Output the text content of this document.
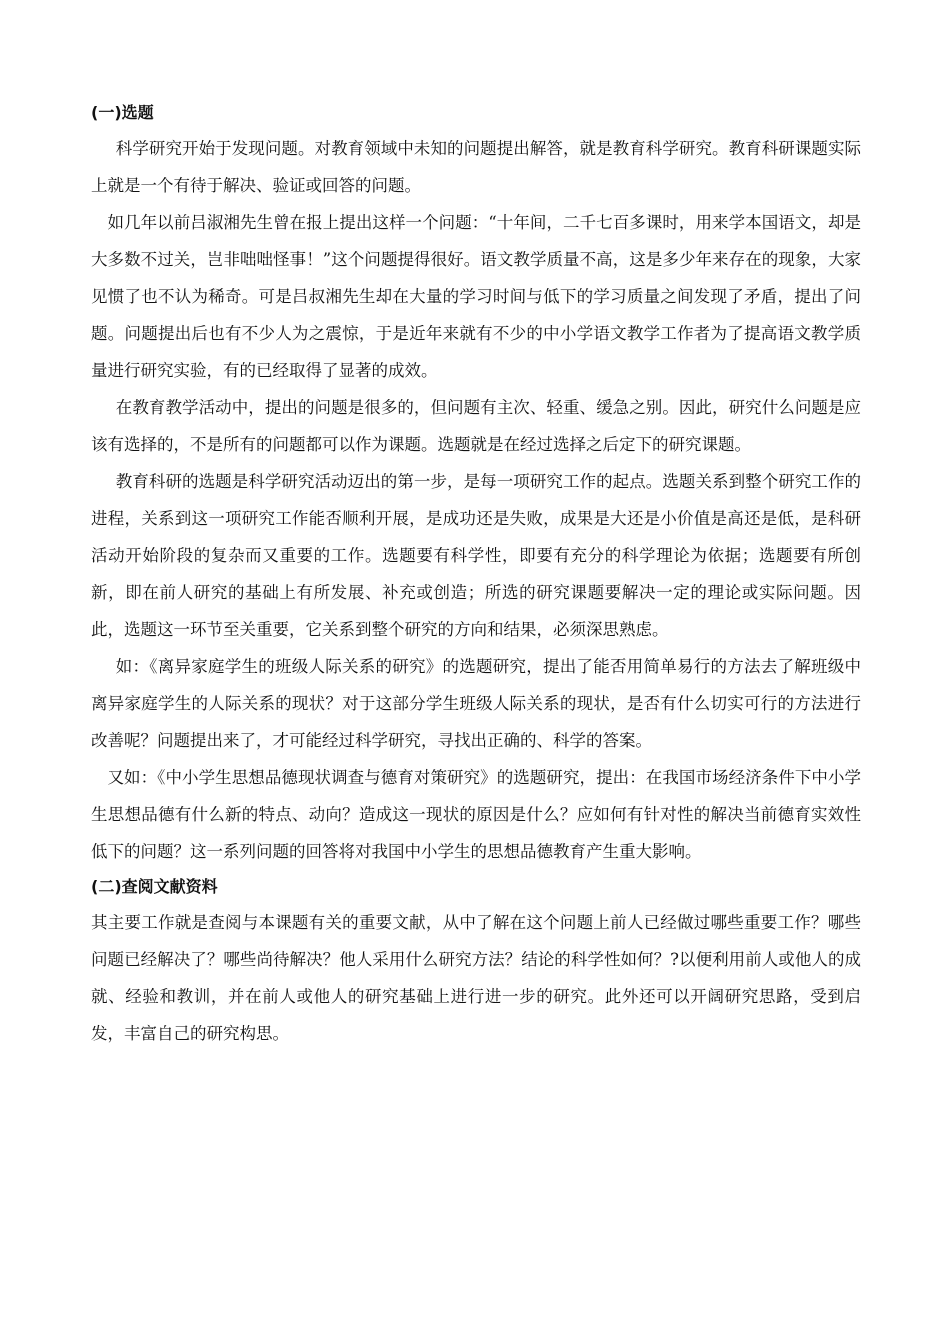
(一)选题

科学研究开始于发现问题。对教育领域中未知的问题提出解答，就是教育科学研究。教育科研课题实际上就是一个有待于解决、验证或回答的问题。

如几年以前吕淑湘先生曾在报上提出这样一个问题：“十年间，二千七百多课时，用来学本国语文，却是大多数不过关，岂非咄咄怪事！”这个问题提得很好。语文教学质量不高，这是多少年来存在的现象，大家见惯了也不认为稀奇。可是吕叔湘先生却在大量的学习时间与低下的学习质量之间发现了矛盾，提出了问题。问题提出后也有不少人为之震惊，于是近年来就有不少的中小学语文教学工作者为了提高语文教学质量进行研究实验，有的已经取得了显著的成效。

在教育教学活动中，提出的问题是很多的，但问题有主次、轻重、缓急之别。因此，研究什么问题是应该有选择的，不是所有的问题都可以作为课题。选题就是在经过选择之后定下的研究课题。

教育科研的选题是科学研究活动迈出的第一步，是每一项研究工作的起点。选题关系到整个研究工作的进程，关系到这一项研究工作能否顺利开展，是成功还是失败，成果是大还是小价值是高还是低，是科研活动开始阶段的复杂而又重要的工作。选题要有科学性，即要有充分的科学理论为依据；选题要有所创新，即在前人研究的基础上有所发展、补充或创造；所选的研究课题要解决一定的理论或实际问题。因此，选题这一环节至关重要，它关系到整个研究的方向和结果，必须深思熟虑。

如：《离异家庭学生的班级人际关系的研究》的选题研究，提出了能否用简单易行的方法去了解班级中离异家庭学生的人际关系的现状？对于这部分学生班级人际关系的现状，是否有什么切实可行的方法进行改善呢？问题提出来了，才可能经过科学研究，寻找出正确的、科学的答案。

又如：《中小学生思想品德现状调查与德育对策研究》的选题研究，提出：在我国市场经济条件下中小学生思想品德有什么新的特点、动向？造成这一现状的原因是什么？应如何有针对性的解决当前德育实效性低下的问题？这一系列问题的回答将对我国中小学生的思想品德教育产生重大影响。

(二)查阅文献资料

其主要工作就是查阅与本课题有关的重要文献，从中了解在这个问题上前人已经做过哪些重要工作？哪些问题已经解决了？哪些尚待解决？他人采用什么研究方法？结论的科学性如何？?以便利用前人或他人的成就、经验和教训，并在前人或他人的研究基础上进行进一步的研究。此外还可以开阔研究思路，受到启发，丰富自己的研究构思。
